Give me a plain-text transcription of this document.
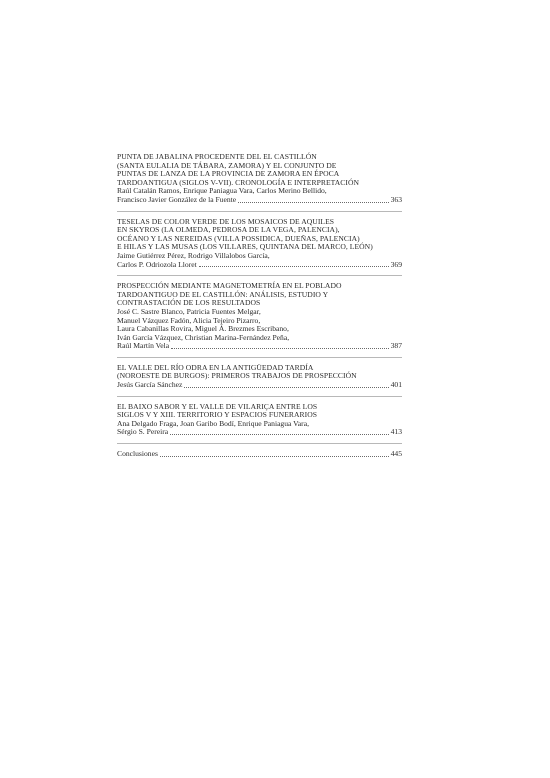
PUNTA DE JABALINA PROCEDENTE DEL EL CASTILLÓN
(SANTA EULALIA DE TÁBARA, ZAMORA) Y EL CONJUNTO DE
PUNTAS DE LANZA DE LA PROVINCIA DE ZAMORA EN ÉPOCA
TARDOANTIGUA (SIGLOS V-VII). CRONOLOGÍA E INTERPRETACIÓN
Raúl Catalán Ramos, Enrique Paniagua Vara, Carlos Merino Bellido,
Francisco Javier González de la Fuente	363
TESELAS DE COLOR VERDE DE LOS MOSAICOS DE AQUILES
EN SKYROS (LA OLMEDA, PEDROSA DE LA VEGA, PALENCIA),
OCÉANO Y LAS NEREIDAS (VILLA POSSIDICA, DUEÑAS, PALENCIA)
E HILAS Y LAS MUSAS (LOS VILLARES, QUINTANA DEL MARCO, LEÓN)
Jaime Gutiérrez Pérez, Rodrigo Villalobos García,
Carlos P. Odriozola Lloret	369
PROSPECCIÓN MEDIANTE MAGNETOMETRÍA EN EL POBLADO
TARDOANTIGUO DE EL CASTILLÓN: ANÁLISIS, ESTUDIO Y
CONTRASTACIÓN DE LOS RESULTADOS
José C. Sastre Blanco, Patricia Fuentes Melgar,
Manuel Vázquez Fadón, Alicia Tejeiro Pizarro,
Laura Cabanillas Rovira, Miguel Á. Brezmes Escribano,
Iván García Vázquez, Christian Marina-Fernández Peña,
Raúl Martín Vela	387
EL VALLE DEL RÍO ODRA EN LA ANTIGÜEDAD TARDÍA
(NOROESTE DE BURGOS): PRIMEROS TRABAJOS DE PROSPECCIÓN
Jesús García Sánchez	401
EL BAIXO SABOR Y EL VALLE DE VILARIÇA ENTRE LOS
SIGLOS V Y XIII. TERRITORIO Y ESPACIOS FUNERARIOS
Ana Delgado Fraga, Joan Garibo Bodí, Enrique Paniagua Vara,
Sérgio S. Pereira	413
Conclusiones	445
